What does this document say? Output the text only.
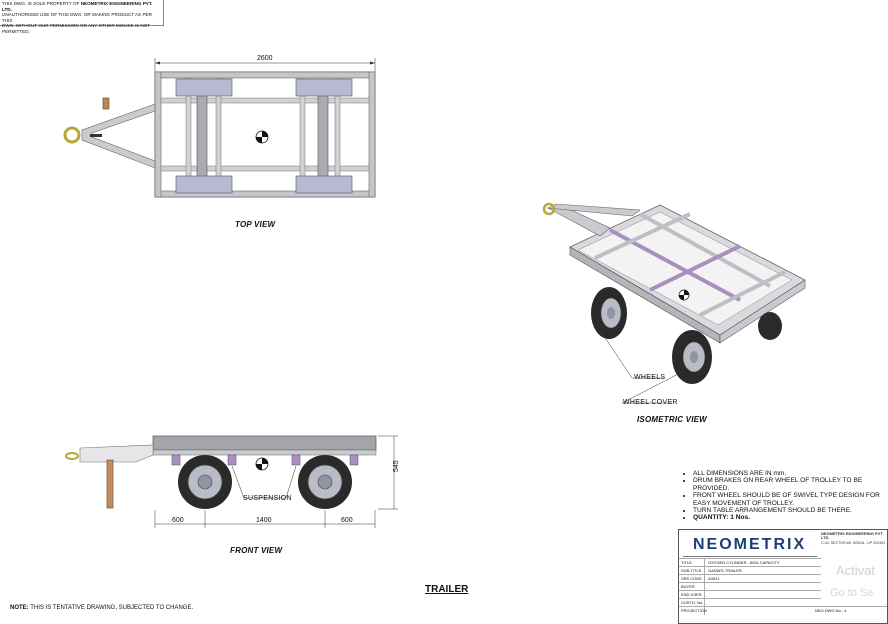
THIS DWG. IS SOLE PROPERTY OF NEOMETRIX ENGINEERING PVT. LTD.
UNAUTHORISED USE OF THIS DWG. OR MAKING PRODUCT AS PER THIS
DWG. WITHOUT OUR PERMISSION OR ANY OTHER MISUSE IS NOT
PERMITTED.
TOP VIEW
FRONT VIEW
ISOMETRIC VIEW
2600
600	1400	600
545
SUSPENSION
WHEELS
WHEEL COVER
• ALL DIMENSIONS ARE IN mm.
• DRUM BRAKES ON REAR WHEEL OF TROLLEY TO BE PROVIDED.
• FRONT WHEEL SHOULD BE OF SWIVEL TYPE DESIGN FOR EASY MOVEMENT OF TROLLEY.
• TURN TABLE ARRANGEMENT SHOULD BE THERE.
• QUANTITY: 1 Nos.
TRAILER
NOTE: THIS IS TENTATIVE DRAWING, SUBJECTED TO CHANGE.
NEOMETRIX
NEOMETRIX ENGINEERING PVT LTD
C-44, SECTOR-65, NOIDA - UP 201301
TITLE	OXYGEN CYLINDER - 800L CAPACITY
SUB-TITLE GADWG-TRAILER
SRS CODE A3021
BUYER
END USER
CUSTO. No.
PROJECTION	NEO DWG No.: 4
Activat
Go to Se
